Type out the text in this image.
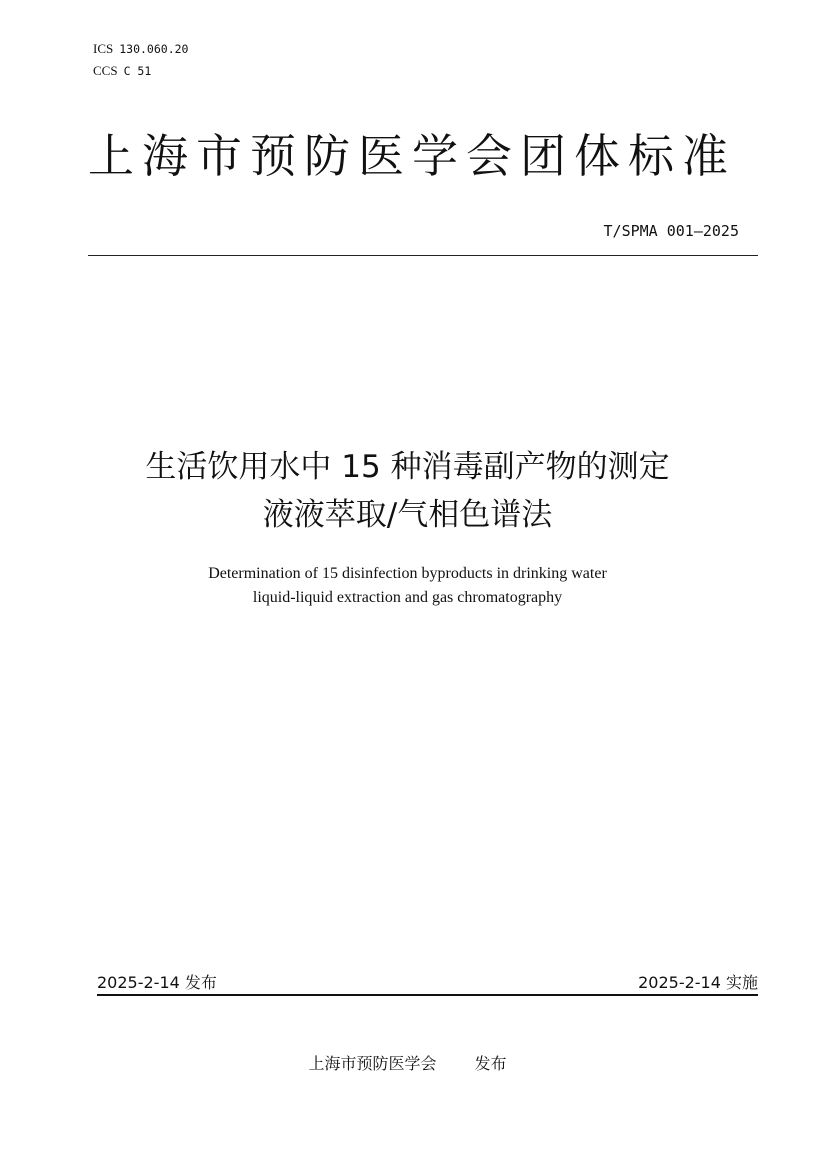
ICS 130.060.20
CCS C 51
上海市预防医学会团体标准
T/SPMA 001—2025
生活饮用水中 15 种消毒副产物的测定
液液萃取/气相色谱法
Determination of 15 disinfection byproducts in drinking water
liquid-liquid extraction and gas chromatography
2025-2-14 发布	2025-2-14 实施
上海市预防医学会 发布
